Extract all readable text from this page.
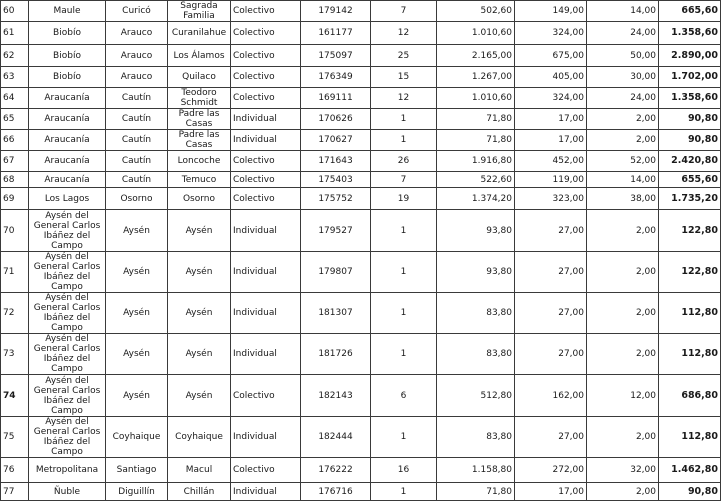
60	Maule	Curicó	Sagrada Familia	Colectivo	179142	7	502,60	149,00	14,00	665,60
61	Biobío	Arauco	Curanilahue	Colectivo	161177	12	1.010,60	324,00	24,00	1.358,60
62	Biobío	Arauco	Los Álamos	Colectivo	175097	25	2.165,00	675,00	50,00	2.890,00
63	Biobío	Arauco	Quilaco	Colectivo	176349	15	1.267,00	405,00	30,00	1.702,00
64	Araucanía	Cautín	Teodoro Schmidt	Colectivo	169111	12	1.010,60	324,00	24,00	1.358,60
65	Araucanía	Cautín	Padre las Casas	Individual	170626	1	71,80	17,00	2,00	90,80
66	Araucanía	Cautín	Padre las Casas	Individual	170627	1	71,80	17,00	2,00	90,80
67	Araucanía	Cautín	Loncoche	Colectivo	171643	26	1.916,80	452,00	52,00	2.420,80
68	Araucanía	Cautín	Temuco	Colectivo	175403	7	522,60	119,00	14,00	655,60
69	Los Lagos	Osorno	Osorno	Colectivo	175752	19	1.374,20	323,00	38,00	1.735,20
70	Aysén del General Carlos Ibáñez del Campo	Aysén	Aysén	Individual	179527	1	93,80	27,00	2,00	122,80
71	Aysén del General Carlos Ibáñez del Campo	Aysén	Aysén	Individual	179807	1	93,80	27,00	2,00	122,80
72	Aysén del General Carlos Ibáñez del Campo	Aysén	Aysén	Individual	181307	1	83,80	27,00	2,00	112,80
73	Aysén del General Carlos Ibáñez del Campo	Aysén	Aysén	Individual	181726	1	83,80	27,00	2,00	112,80
74	Aysén del General Carlos Ibáñez del Campo	Aysén	Aysén	Colectivo	182143	6	512,80	162,00	12,00	686,80
75	Aysén del General Carlos Ibáñez del Campo	Coyhaique	Coyhaique	Individual	182444	1	83,80	27,00	2,00	112,80
76	Metropolitana	Santiago	Macul	Colectivo	176222	16	1.158,80	272,00	32,00	1.462,80
77	Ñuble	Diguillín	Chillán	Individual	176716	1	71,80	17,00	2,00	90,80
